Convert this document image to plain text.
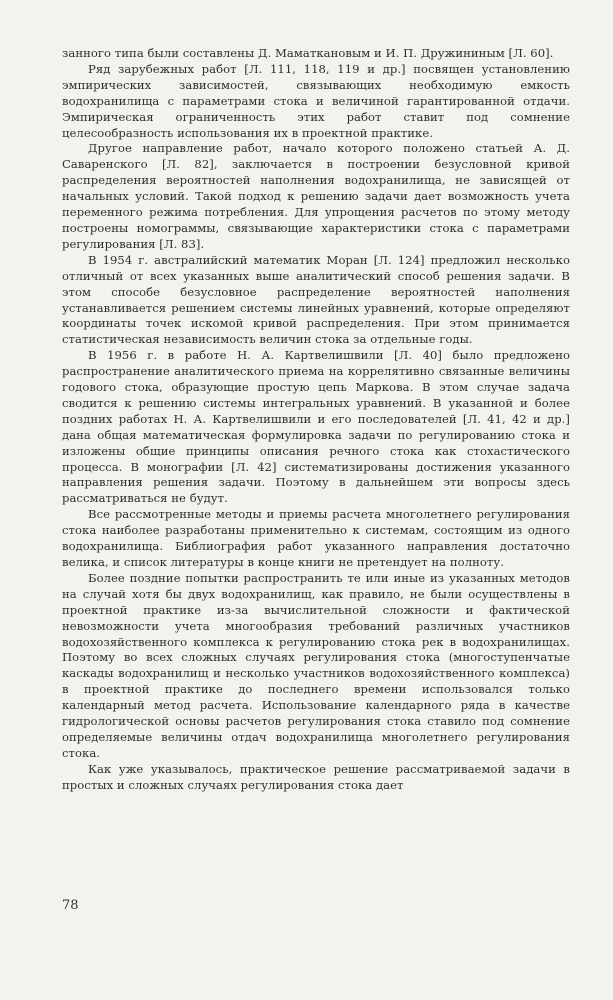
занного типа были составлены Д. Маматкановым и И. П. Дружининым [Л. 60].

Ряд зарубежных работ [Л. 111, 118, 119 и др.] посвящен установлению эмпирических зависимостей, связывающих необходимую емкость водохранилища с параметрами стока и величиной гарантированной отдачи. Эмпирическая ограниченность этих работ ставит под сомнение целесообразность использования их в проектной практике.

Другое направление работ, начало которого положено статьей А. Д. Саваренского [Л. 82], заключается в построении безусловной кривой распределения вероятностей наполнения водохранилища, не зависящей от начальных условий. Такой подход к решению задачи дает возможность учета переменного режима потребления. Для упрощения расчетов по этому методу построены номограммы, связывающие характеристики стока с параметрами регулирования [Л. 83].

В 1954 г. австралийский математик Моран [Л. 124] предложил несколько отличный от всех указанных выше аналитический способ решения задачи. В этом способе безусловное распределение вероятностей наполнения устанавливается решением системы линейных уравнений, которые определяют координаты точек искомой кривой распределения. При этом принимается статистическая независимость величин стока за отдельные годы.

В 1956 г. в работе Н. А. Картвелишвили [Л. 40] было предложено распространение аналитического приема на коррелятивно связанные величины годового стока, образующие простую цепь Маркова. В этом случае задача сводится к решению системы интегральных уравнений. В указанной и более поздних работах Н. А. Картвелишвили и его последователей [Л. 41, 42 и др.] дана общая математическая формулировка задачи по регулированию стока и изложены общие принципы описания речного стока как стохастического процесса. В монографии [Л. 42] систематизированы достижения указанного направления решения задачи. Поэтому в дальнейшем эти вопросы здесь рассматриваться не будут.

Все рассмотренные методы и приемы расчета многолетнего регулирования стока наиболее разработаны применительно к системам, состоящим из одного водохранилища. Библиография работ указанного направления достаточно велика, и список литературы в конце книги не претендует на полноту.

Более поздние попытки распространить те или иные из указанных методов на случай хотя бы двух водохранилищ, как правило, не были осуществлены в проектной практике из-за вычислительной сложности и фактической невозможности учета многообразия требований различных участников водохозяйственного комплекса к регулированию стока рек в водохранилищах. Поэтому во всех сложных случаях регулирования стока (многоступенчатые каскады водохранилищ и несколько участников водохозяйственного комплекса) в проектной практике до последнего времени использовался только календарный метод расчета. Использование календарного ряда в качестве гидрологической основы расчетов регулирования стока ставило под сомнение определяемые величины отдач водохранилища многолетнего регулирования стока.

Как уже указывалось, практическое решение рассматриваемой задачи в простых и сложных случаях регулирования стока дает

78
